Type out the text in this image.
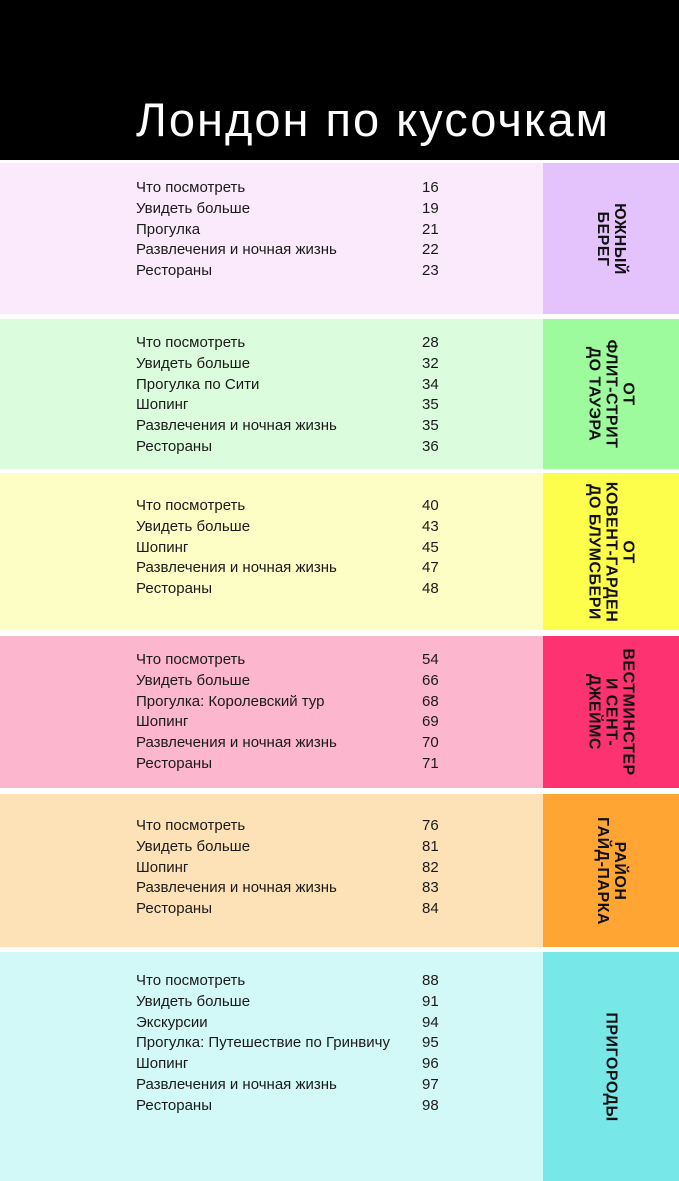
Лондон по кусочкам
Что посмотреть	16
Увидеть больше	19
Прогулка	21
Развлечения и ночная жизнь	22
Рестораны	23	ЮЖНЫЙ
БЕРЕГ
Что посмотреть	28
Увидеть больше	32
Прогулка по Сити	34
Шопинг	35
Развлечения и ночная жизнь	35
Рестораны	36
ОТ
ФЛИТ-СТРИТ
ДО ТАУЭРА
Что посмотреть	40
Увидеть больше	43
Шопинг	45
Развлечения и ночная жизнь	47
Рестораны	48
ОТ
КОВЕНТ-ГАРДЕН
ДО БЛУМСБЕРИ
Что посмотреть	54
Увидеть больше	66
Прогулка: Королевский тур	68
Шопинг	69
Развлечения и ночная жизнь	70
Рестораны	71	ВЕСТМИНСТЕР
И СЕНТ-
ДЖЕЙМС
Что посмотреть	76
Увидеть больше	81
Шопинг	82
Развлечения и ночная жизнь	83
Рестораны	84
РАЙОН
ГАЙД-ПАРКА
Что посмотреть	88
Увидеть больше	91
Экскурсии	94
Прогулка: Путешествие по Гринвичу 95
Шопинг	96
Развлечения и ночная жизнь	97
Рестораны	98	ПРИГОРОДЫ
